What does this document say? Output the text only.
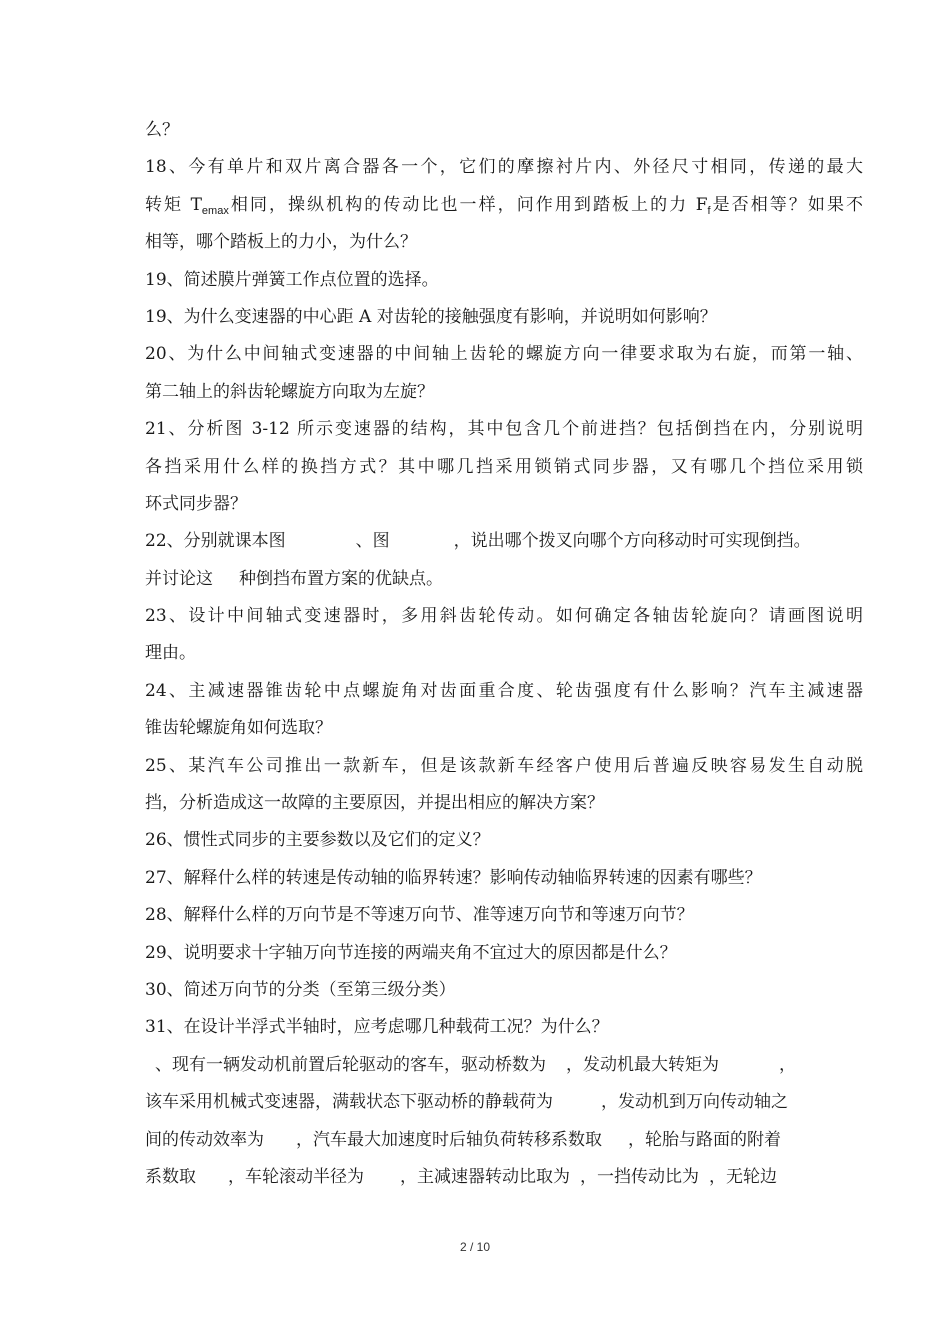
么？
18、今有单片和双片离合器各一个，它们的摩擦衬片内、外径尺寸相同，传递的最大
转矩 $T_{emax}$相同，操纵机构的传动比也一样，问作用到踏板上的力 $F_f$是否相等？如果不
相等，哪个踏板上的力小，为什么？
19、简述膜片弹簧工作点位置的选择。
19、为什么变速器的中心距 A 对齿轮的接触强度有影响，并说明如何影响？
20、为什么中间轴式变速器的中间轴上齿轮的螺旋方向一律要求取为右旋，而第一轴、
第二轴上的斜齿轮螺旋方向取为左旋？
21、分析图 3-12 所示变速器的结构，其中包含几个前进挡？包括倒挡在内，分别说明
各挡采用什么样的换挡方式？其中哪几挡采用锁销式同步器，又有哪几个挡位采用锁
环式同步器？
22、分别就课本图	、图	，说出哪个拨叉向哪个方向移动时可实现倒挡。
并讨论这 种倒挡布置方案的优缺点。
23、设计中间轴式变速器时，多用斜齿轮传动。如何确定各轴齿轮旋向？请画图说明
理由。
24、主减速器锥齿轮中点螺旋角对齿面重合度、轮齿强度有什么影响？汽车主减速器
锥齿轮螺旋角如何选取？
25、某汽车公司推出一款新车，但是该款新车经客户使用后普遍反映容易发生自动脱
挡，分析造成这一故障的主要原因，并提出相应的解决方案？
26、惯性式同步的主要参数以及它们的定义？
27、解释什么样的转速是传动轴的临界转速？影响传动轴临界转速的因素有哪些？
28、解释什么样的万向节是不等速万向节、准等速万向节和等速万向节？
29、说明要求十字轴万向节连接的两端夹角不宜过大的原因都是什么？
30、简述万向节的分类（至第三级分类）
31、在设计半浮式半轴时，应考虑哪几种载荷工况？为什么？
、现有一辆发动机前置后轮驱动的客车，驱动桥数为 ，发动机最大转矩为	，
该车采用机械式变速器，满载状态下驱动桥的静载荷为	，发动机到万向传动轴之
间的传动效率为 ，汽车最大加速度时后轴负荷转移系数取 ，轮胎与路面的附着
系数取 ，车轮滚动半径为 ，主减速器转动比取为 ，一挡传动比为 ，无轮边
2 / 10
